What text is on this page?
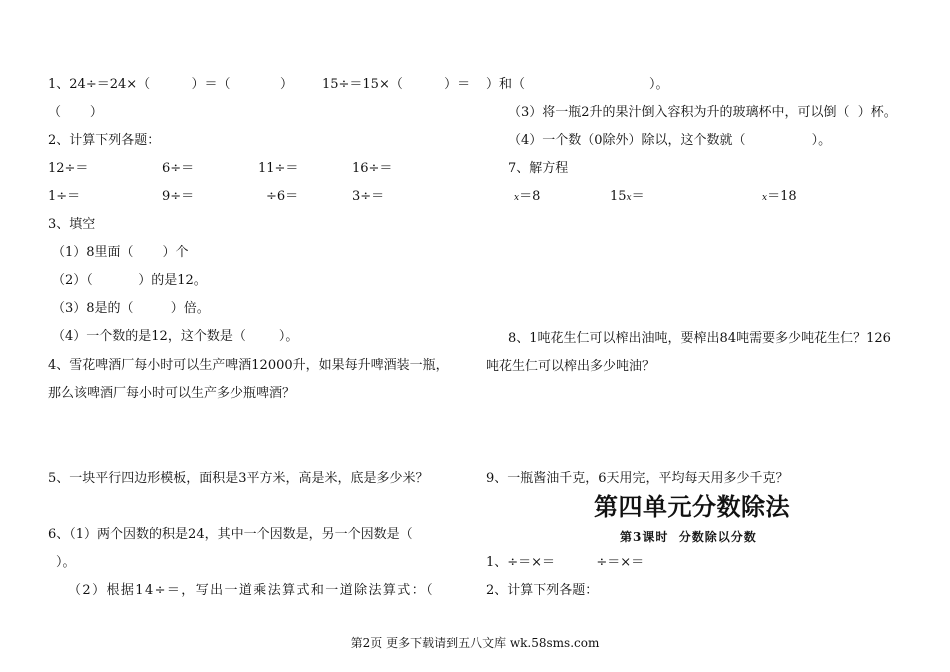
1、24÷＝24×（          ）＝（            ）       15÷＝15×（          ）＝
（       ）
2、计算下列各题：
12÷＝	6÷＝	11÷＝	16÷＝
1÷＝	9÷＝	÷6＝	3÷＝
3、填空
（1）8里面（       ）个
（2）（           ）的是12。
（3）8是的（         ）倍。
（4）一个数的是12，这个数是（        ）。
4、雪花啤酒厂每小时可以生产啤酒12000升，如果每升啤酒装一瓶，
那么该啤酒厂每小时可以生产多少瓶啤酒？
5、一块平行四边形模板，面积是3平方米，高是米，底是多少米？
6、（1）两个因数的积是24，其中一个因数是，另一个因数是（
）。
（2）根据14÷＝，写出一道乘法算式和一道除法算式：（
）和（                              ）。
（3）将一瓶2升的果汁倒入容积为升的玻璃杯中，可以倒（  ）杯。
（4）一个数（0除外）除以，这个数就（                ）。
7、解方程
x＝8	15x＝	x＝18
8、1吨花生仁可以榨出油吨，要榨出84吨需要多少吨花生仁？126
吨花生仁可以榨出多少吨油？
9、一瓶酱油千克，6天用完，平均每天用多少千克？
1、÷＝×＝          ÷＝×＝
2、计算下列各题：
第四单元分数除法
第3课时  分数除以分数
第2页 更多下载请到五八文库 wk.58sms.com
